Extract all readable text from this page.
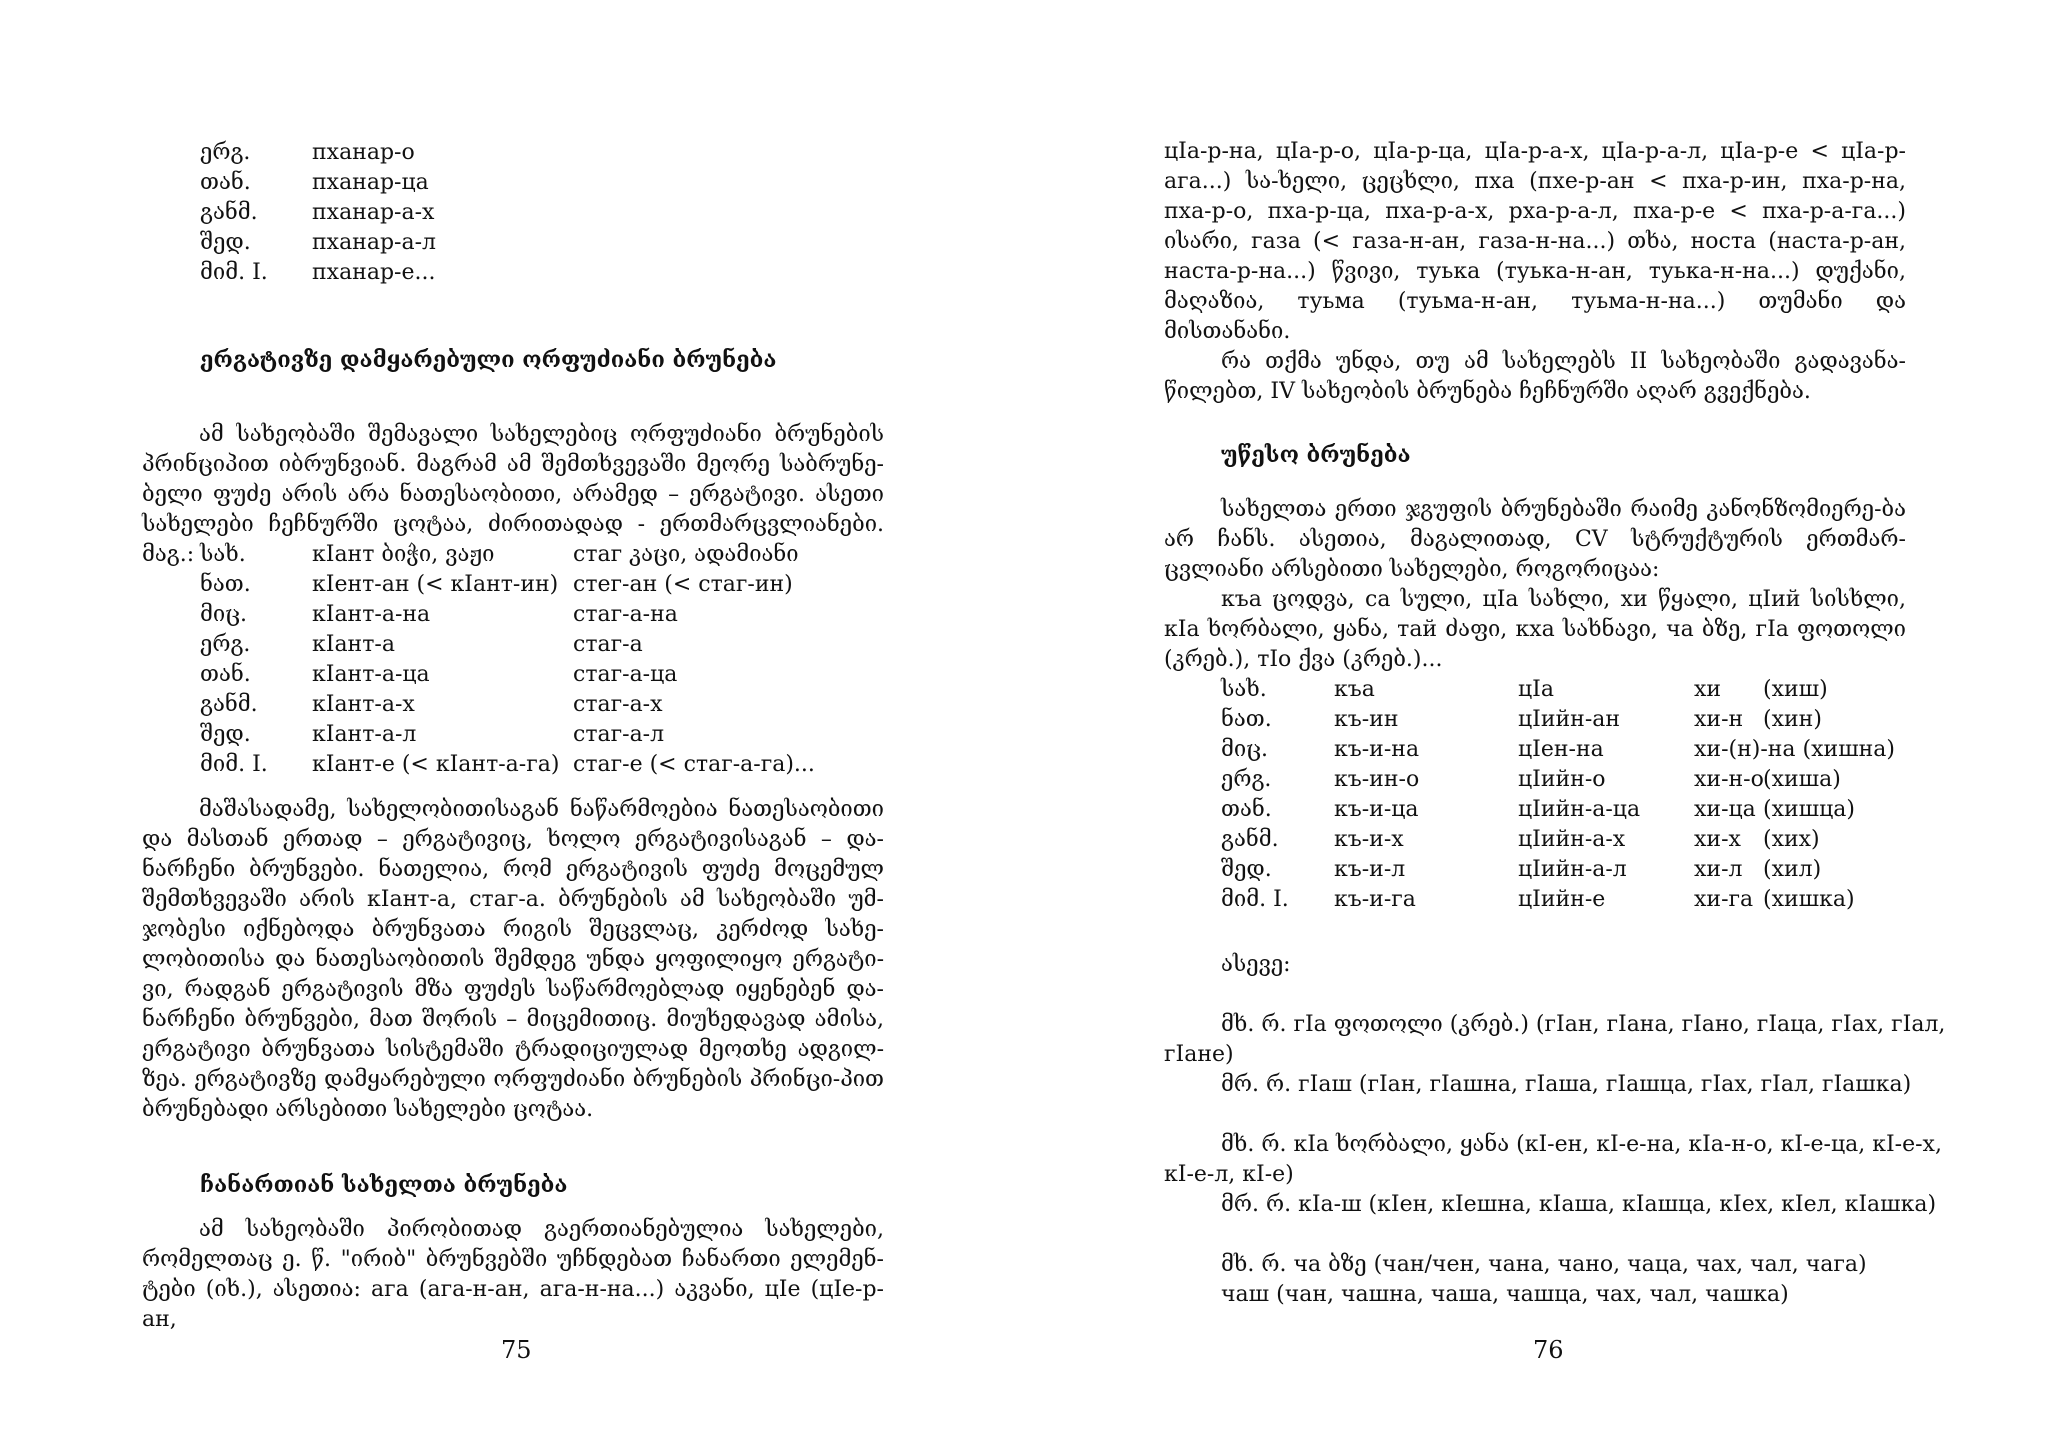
ერგ.	пханар-о
თან.	пханар-ца
განმ. пханар-а-х
შედ.	пханар-а-л
მიმ. I. пханар-е...
ერგატივზე დამყარებული ორფუძიანი ბრუნება

ამ სახეობაში შემავალი სახელებიც ორფუძიანი ბრუნების პრინციპით იბრუნვიან. მაგრამ ამ შემთხვევაში მეორე საბრუნე-ბელი ფუძე არის არა ნათესაობითი, არამედ – ერგატივი. ასეთი სახელები ჩეჩნურში ცოტაა, ძირითადად - ერთმარცვლიანები. მაგ.: სახ.	кIант ბიჭი, ვაჟი	стаг კაცი, ადამიანი
ნათ.	кIент-ан (< кIант-ин) стег-ан (< стаг-ин)
მიც.	кIант-а-на	стаг-а-на
ერგ.	кIант-а	стаг-а
თან.	кIант-а-ца	стаг-а-ца
განმ. кIант-а-х	стаг-а-х
შედ.	кIант-а-л	стаг-а-л
მიმ. I. кIант-е (< кIант-а-га) стаг-е (< стаг-а-га)...

მაშასადამე, სახელობითისაგან ნაწარმოებია ნათესაობითი და მასთან ერთად – ერგატივიც, ხოლო ერგატივისაგან – და-ნარჩენი ბრუნვები. ნათელია, რომ ერგატივის ფუძე მოცემულ შემთხვევაში არის кIант-а, стаг-а. ბრუნების ამ სახეობაში უმ-ჯობესი იქნებოდა ბრუნვათა რიგის შეცვლაც, კერძოდ სახე-ლობითისა და ნათესაობითის შემდეგ უნდა ყოფილიყო ერგატი-ვი, რადგან ერგატივის მზა ფუძეს საწარმოებლად იყენებენ და-ნარჩენი ბრუნვები, მათ შორის – მიცემითიც. მიუხედავად ამისა, ერგატივი ბრუნვათა სისტემაში ტრადიციულად მეოთხე ადგილ-ზეა. ერგატივზე დამყარებული ორფუძიანი ბრუნების პრინცი-პით ბრუნებადი არსებითი სახელები ცოტაა.

ჩანართიან სახელთა ბრუნება

ამ სახეობაში პირობითად გაერთიანებულია სახელები, რომელთაც ე. წ. "ირიბ" ბრუნვებში უჩნდებათ ჩანართი ელემენ-ტები (იხ.), ასეთია: ага (ага-н-ан, ага-н-на...) აკვანი, цIе (цIе-р-ан,

75

цIа-р-на, цIа-р-о, цIа-р-ца, цIа-р-а-х, цIа-р-а-л, цIа-р-е < цIа-р-ага...) სა-ხელი, ცეცხლი, пха (пхе-р-ан < пха-р-ин, пха-р-на, пха-р-о, пха-р-ца, пха-р-а-х, рха-р-а-л, пха-р-е < пха-р-а-га...) ისარი, газа (< газа-н-ан, газа-н-на...) თხა, носта (наста-р-ан, наста-р-на...) წვივი, туька (туька-н-ан, туька-н-на...) დუქანი, მაღაზია, туьма (туьма-н-ан, туьма-н-на...) თუმანი და მისთანანი.

რა თქმა უნდა, თუ ამ სახელებს II სახეობაში გადავანა-წილებთ, IV სახეობის ბრუნება ჩეჩნურში აღარ გვექნება.

უწესო ბრუნება

სახელთა ერთი ჯგუფის ბრუნებაში რაიმე კანონზომიერე-ბა არ ჩანს. ასეთია, მაგალითად, CV სტრუქტურის ერთმარ-ცვლიანი არსებითი სახელები, როგორიცაა:

къа ცოდვა, са სული, цIа სახლი, хи წყალი, цIий სისხლი, кIа ხორბალი, ყანა, тай ძაფი, кха სახნავი, ча ბზე, гIа ფოთოლი (კრებ.), тIо ქვა (კრებ.)...

სახ.	къа	цIа	хи (хиш)
ნათ.	къ-ин	цIийн-ан	хи-н (хин)
მიც.	къ-и-на	цIен-на	хи-(н)-на (хишна)
ერგ.	къ-ин-о	цIийн-о	хи-н-о (хиша)
თან.	къ-и-ца	цIийн-а-ца хи-ца (хишца)
განმ.	къ-и-х	цIийн-а-х	хи-х (хих)
შედ.	къ-и-л	цIийн-а-л	хи-л (хил)
მიმ. I. къ-и-га	цIийн-е	хи-га (хишка)
ასევე:
მხ. რ. гIа ფოთოლი (კრებ.) (гIан, гIана, гIано, гIаца, гIах, гIал,
гIане)
მრ. რ. гIаш (гIан, гIашна, гIаша, гIашца, гIах, гIал, гIашка)
მხ. რ. кIа ხორბალი, ყანა (кI-ен, кI-е-на, кIа-н-о, кI-е-ца, кI-е-х,
кI-е-л, кI-е)
მრ. რ. кIа-ш (кIен, кIешна, кIаша, кIашца, кIех, кIел, кIашка)
მხ. რ. ча ბზე (чан/чен, чана, чано, чаца, чах, чал, чага)
чаш (чан, чашна, чаша, чашца, чах, чал, чашка)
76
